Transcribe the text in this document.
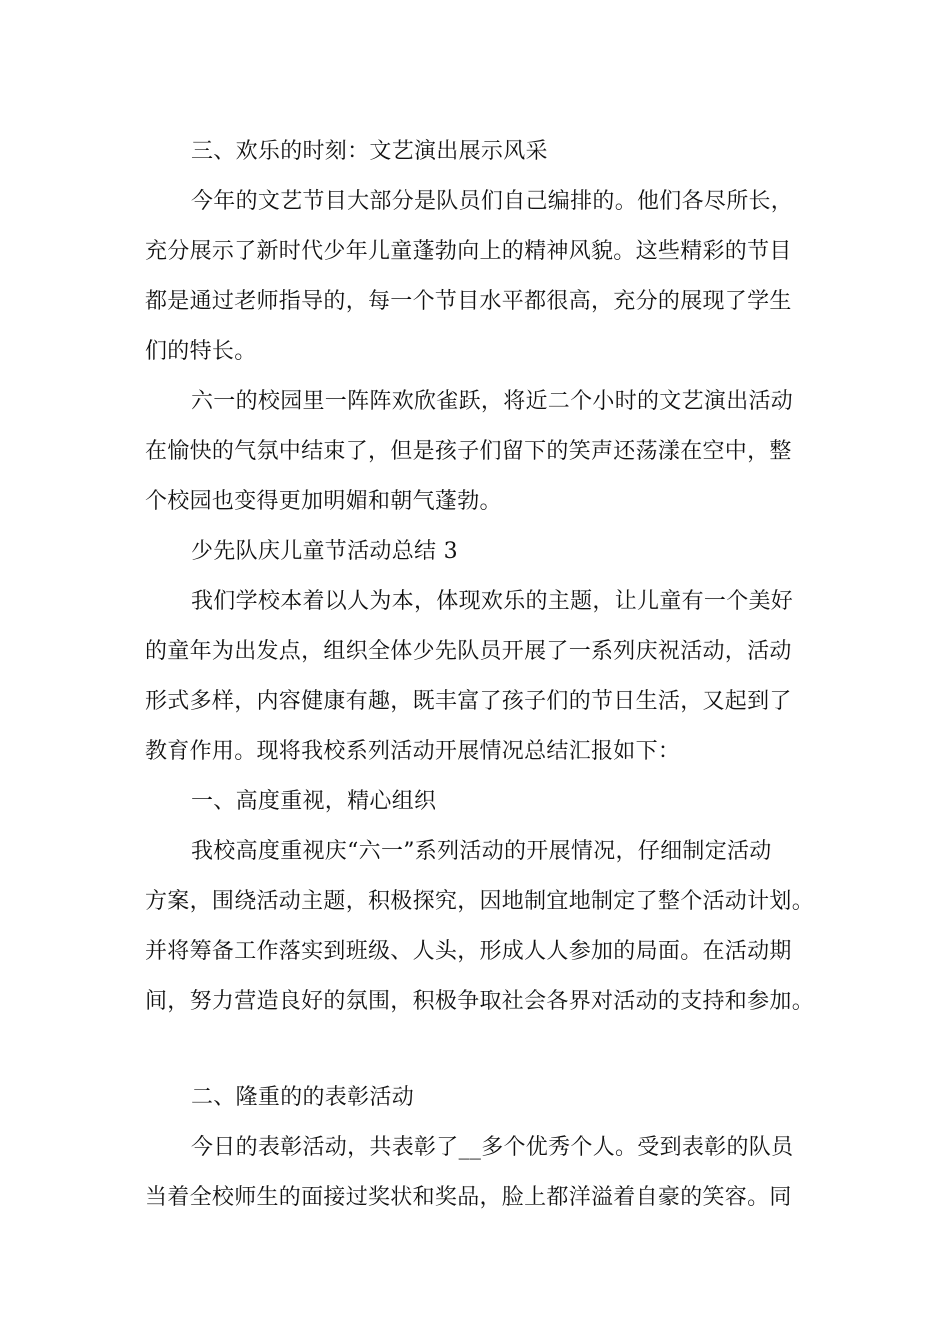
三、欢乐的时刻：文艺演出展示风采
今年的文艺节目大部分是队员们自己编排的。他们各尽所长，
充分展示了新时代少年儿童蓬勃向上的精神风貌。这些精彩的节目
都是通过老师指导的，每一个节目水平都很高，充分的展现了学生
们的特长。
六一的校园里一阵阵欢欣雀跃，将近二个小时的文艺演出活动
在愉快的气氛中结束了，但是孩子们留下的笑声还荡漾在空中，整
个校园也变得更加明媚和朝气蓬勃。
少先队庆儿童节活动总结 3
我们学校本着以人为本，体现欢乐的主题，让儿童有一个美好
的童年为出发点，组织全体少先队员开展了一系列庆祝活动，活动
形式多样，内容健康有趣，既丰富了孩子们的节日生活，又起到了
教育作用。现将我校系列活动开展情况总结汇报如下：
一、高度重视，精心组织
我校高度重视庆“六一”系列活动的开展情况，仔细制定活动
方案，围绕活动主题，积极探究，因地制宜地制定了整个活动计划。
并将筹备工作落实到班级、人头，形成人人参加的局面。在活动期
间，努力营造良好的氛围，积极争取社会各界对活动的支持和参加。
二、隆重的的表彰活动
今日的表彰活动，共表彰了__多个优秀个人。受到表彰的队员
当着全校师生的面接过奖状和奖品，脸上都洋溢着自豪的笑容。同
